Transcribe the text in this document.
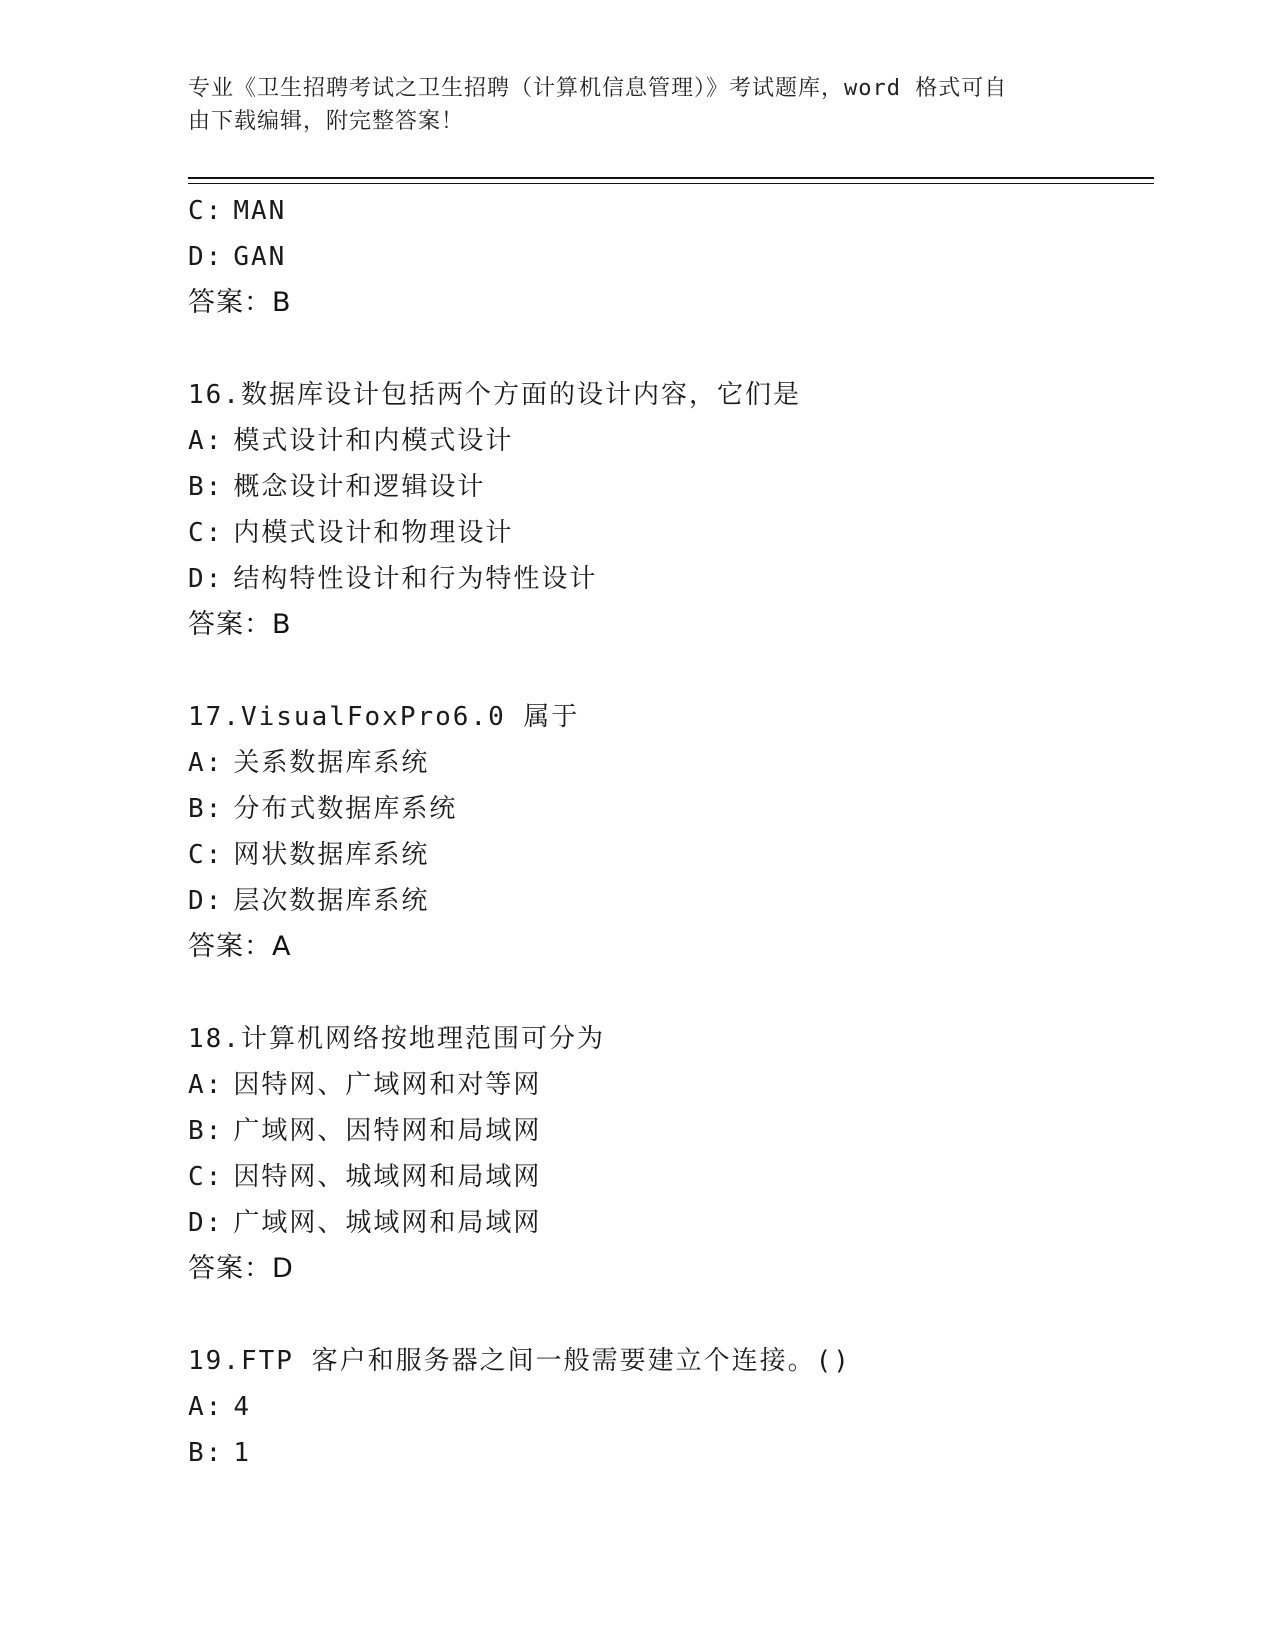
专业《卫生招聘考试之卫生招聘（计算机信息管理）》考试题库，word 格式可自
由下载编辑，附完整答案！
C: MAN
D: GAN
答案：B
16.数据库设计包括两个方面的设计内容，它们是
A: 模式设计和内模式设计
B: 概念设计和逻辑设计
C: 内模式设计和物理设计
D: 结构特性设计和行为特性设计
答案：B
17.VisualFoxPro6.0 属于
A: 关系数据库系统
B: 分布式数据库系统
C: 网状数据库系统
D: 层次数据库系统
答案：A
18.计算机网络按地理范围可分为
A: 因特网、广域网和对等网
B: 广域网、因特网和局域网
C: 因特网、城域网和局域网
D: 广域网、城域网和局域网
答案：D
19.FTP 客户和服务器之间一般需要建立个连接。()
A: 4
B: 1
